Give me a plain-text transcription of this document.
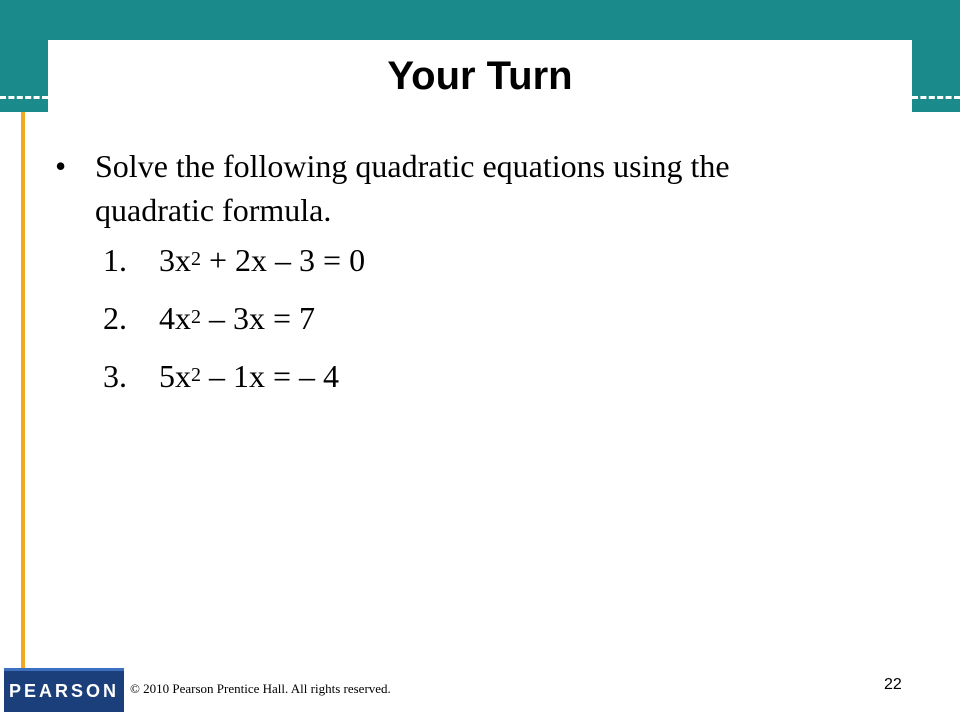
Your Turn
• Solve the following quadratic equations using the
quadratic formula.
1.	$3x^2 + 2x - 3 = 0$
2.	$4x^2 - 3x = 7$
3.	$5x^2 - 1x$ = – 4
PEARSON © 2010 Pearson Prentice Hall. All rights reserved.	22
